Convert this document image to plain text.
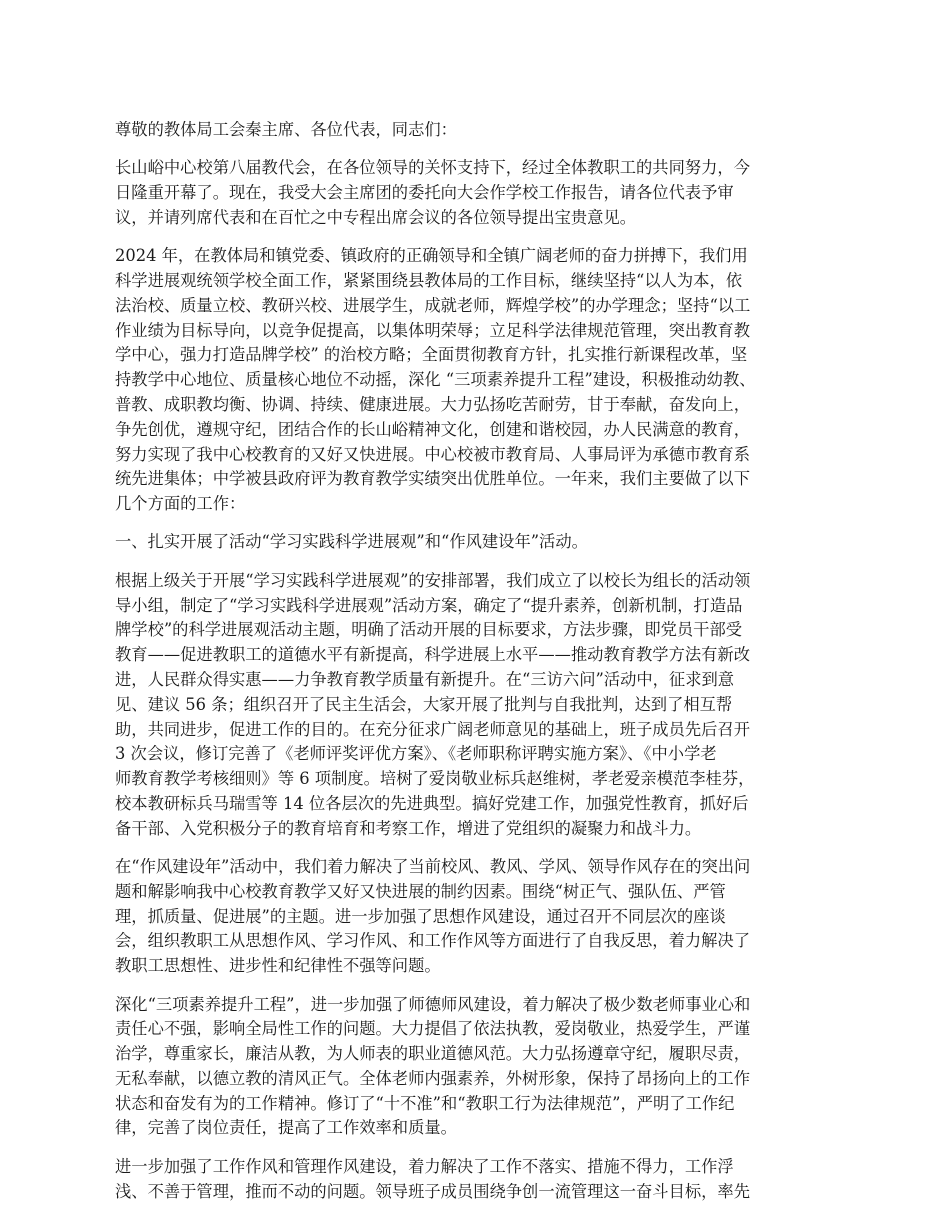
尊敬的教体局工会秦主席、各位代表，同志们：

长山峪中心校第八届教代会，在各位领导的关怀支持下，经过全体教职工的共同努力，今
日隆重开幕了。现在，我受大会主席团的委托向大会作学校工作报告，请各位代表予审
议，并请列席代表和在百忙之中专程出席会议的各位领导提出宝贵意见。

2024 年，在教体局和镇党委、镇政府的正确领导和全镇广阔老师的奋力拼搏下，我们用
科学进展观统领学校全面工作，紧紧围绕县教体局的工作目标，继续坚持“以人为本，依
法治校、质量立校、教研兴校、进展学生，成就老师，辉煌学校”的办学理念；坚持“以工
作业绩为目标导向，以竞争促提高，以集体明荣辱；立足科学法律规范管理，突出教育教
学中心，强力打造品牌学校” 的治校方略；全面贯彻教育方针，扎实推行新课程改革，坚
持教学中心地位、质量核心地位不动摇，深化 “三项素养提升工程”建设，积极推动幼教、
普教、成职教均衡、协调、持续、健康进展。大力弘扬吃苦耐劳，甘于奉献，奋发向上，
争先创优，遵规守纪，团结合作的长山峪精神文化，创建和谐校园，办人民满意的教育，
努力实现了我中心校教育的又好又快进展。中心校被市教育局、人事局评为承德市教育系
统先进集体；中学被县政府评为教育教学实绩突出优胜单位。一年来，我们主要做了以下
几个方面的工作：

一、扎实开展了活动“学习实践科学进展观”和“作风建设年”活动。

根据上级关于开展“学习实践科学进展观”的安排部署，我们成立了以校长为组长的活动领
导小组，制定了“学习实践科学进展观”活动方案，确定了“提升素养，创新机制，打造品
牌学校”的科学进展观活动主题，明确了活动开展的目标要求，方法步骤，即党员干部受
教育——促进教职工的道德水平有新提高，科学进展上水平——推动教育教学方法有新改
进，人民群众得实惠——力争教育教学质量有新提升。在“三访六问”活动中，征求到意
见、建议 56 条；组织召开了民主生活会，大家开展了批判与自我批判，达到了相互帮
助，共同进步，促进工作的目的。在充分征求广阔老师意见的基础上，班子成员先后召开
3 次会议，修订完善了《老师评奖评优方案》、《老师职称评聘实施方案》、《中小学老
师教育教学考核细则》等 6 项制度。培树了爱岗敬业标兵赵维树，孝老爱亲模范李桂芬，
校本教研标兵马瑞雪等 14 位各层次的先进典型。搞好党建工作，加强党性教育，抓好后
备干部、入党积极分子的教育培育和考察工作，增进了党组织的凝聚力和战斗力。

在“作风建设年”活动中，我们着力解决了当前校风、教风、学风、领导作风存在的突出问
题和解影响我中心校教育教学又好又快进展的制约因素。围绕“树正气、强队伍、严管
理，抓质量、促进展”的主题。进一步加强了思想作风建设，通过召开不同层次的座谈
会，组织教职工从思想作风、学习作风、和工作作风等方面进行了自我反思，着力解决了
教职工思想性、进步性和纪律性不强等问题。

深化“三项素养提升工程”，进一步加强了师德师风建设，着力解决了极少数老师事业心和
责任心不强，影响全局性工作的问题。大力提倡了依法执教，爱岗敬业，热爱学生，严谨
治学，尊重家长，廉洁从教，为人师表的职业道德风范。大力弘扬遵章守纪，履职尽责，
无私奉献，以德立教的清风正气。全体老师内强素养，外树形象，保持了昂扬向上的工作
状态和奋发有为的工作精神。修订了“十不准”和“教职工行为法律规范”，严明了工作纪
律，完善了岗位责任，提高了工作效率和质量。

进一步加强了工作作风和管理作风建设，着力解决了工作不落实、措施不得力，工作浮
浅、不善于管理，推而不动的问题。领导班子成员围绕争创一流管理这一奋斗目标，率先
